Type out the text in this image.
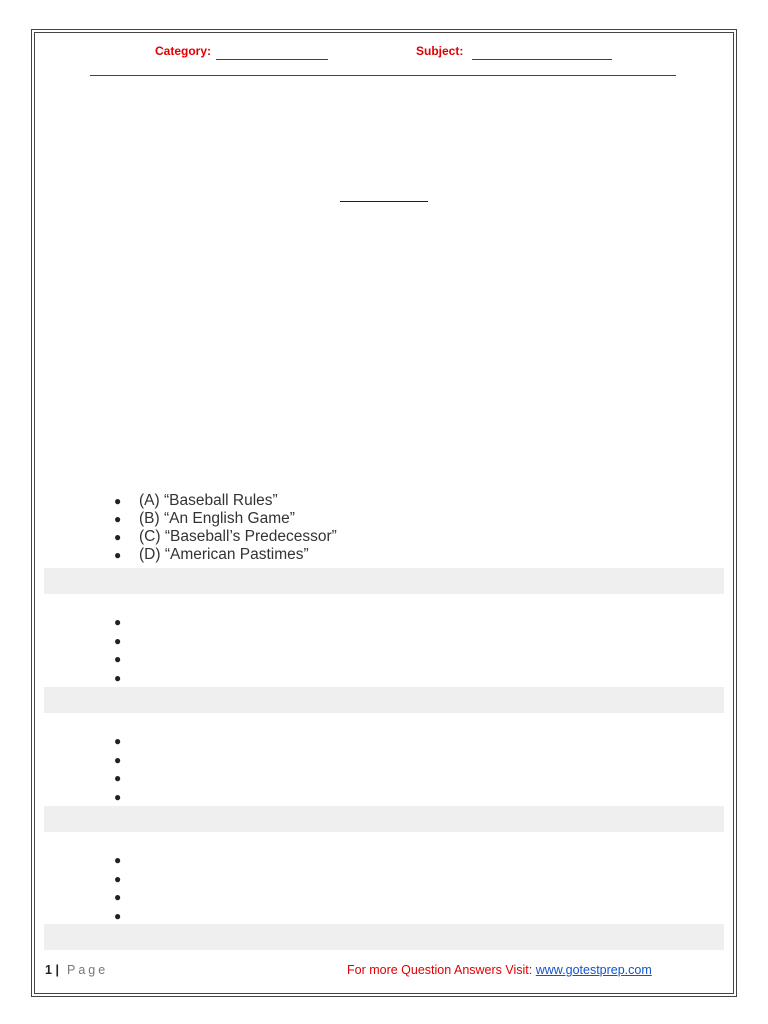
Category:	Subject:
● (A) “Baseball Rules”
● (B) “An English Game”
● (C) “Baseball’s Predecessor”
● (D) “American Pastimes”
●
●
●
●
●
●
●
●
●
●
●
●
1 | Page	For more Question Answers Visit: www.gotestprep.com
